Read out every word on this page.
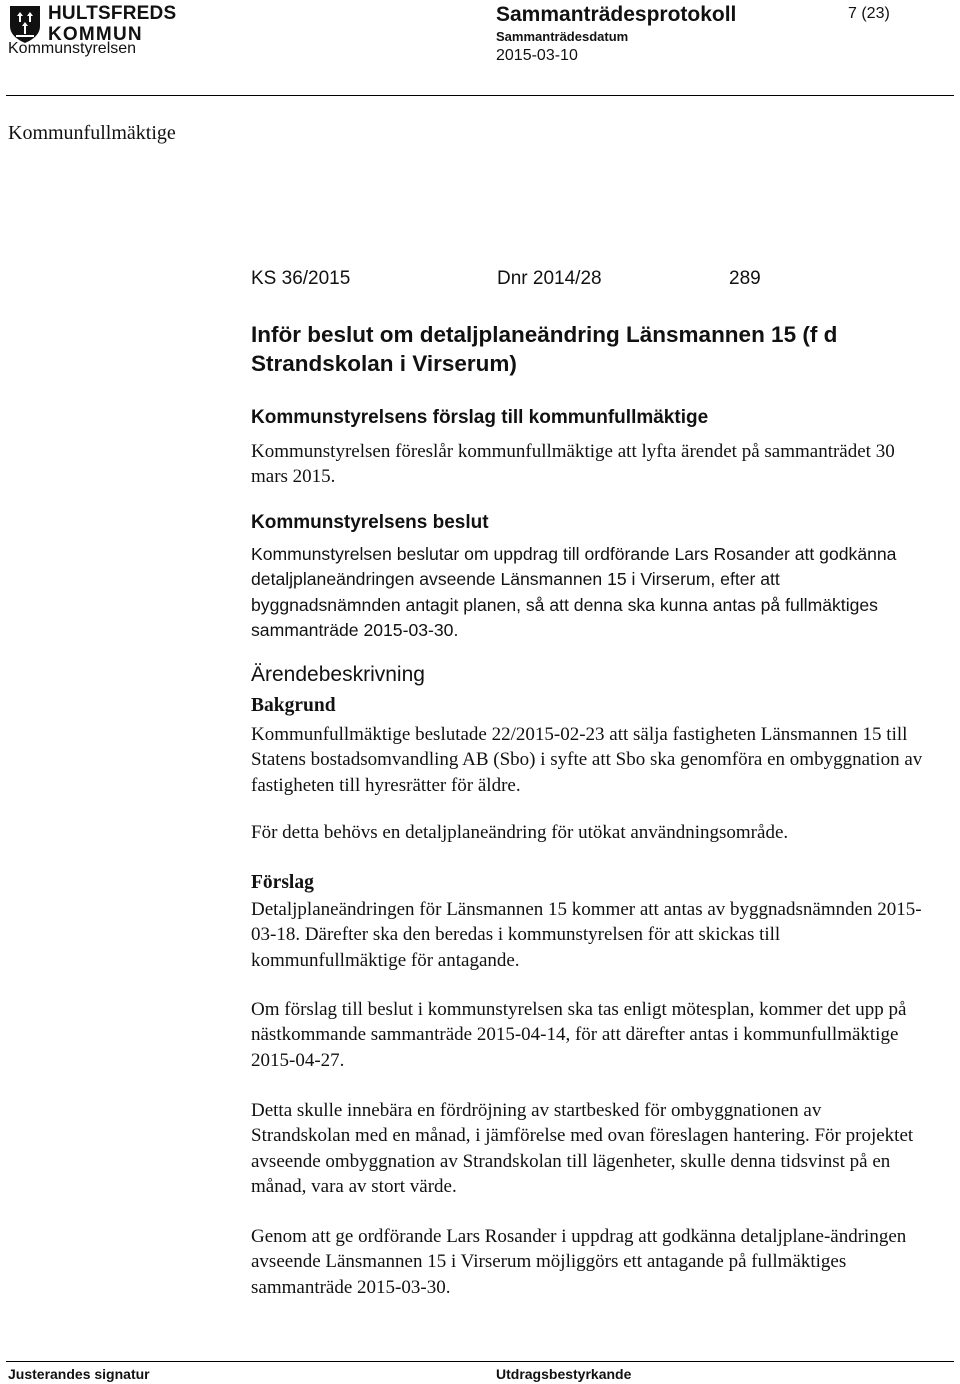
HULTSFREDS
KOMMUN
Kommunstyrelsen
Sammanträdesprotokoll
Sammanträdesdatum
2015-03-10
7 (23)
Kommunfullmäktige
KS 36/2015	Dnr 2014/28	289
Inför beslut om detaljplaneändring Länsmannen 15 (f d Strandskolan i Virserum)
Kommunstyrelsens förslag till kommunfullmäktige

Kommunstyrelsen föreslår kommunfullmäktige att lyfta ärendet på sammanträdet 30 mars 2015.

Kommunstyrelsens beslut

Kommunstyrelsen beslutar om uppdrag till ordförande Lars Rosander att godkänna detaljplaneändringen avseende Länsmannen 15 i Virserum, efter att byggnadsnämnden antagit planen, så att denna ska kunna antas på fullmäktiges sammanträde 2015-03-30.

Ärendebeskrivning
Bakgrund

Kommunfullmäktige beslutade 22/2015-02-23 att sälja fastigheten Länsmannen 15 till Statens bostadsomvandling AB (Sbo) i syfte att Sbo ska genomföra en ombyggnation av fastigheten till hyresrätter för äldre.

För detta behövs en detaljplaneändring för utökat användningsområde.

Förslag

Detaljplaneändringen för Länsmannen 15 kommer att antas av byggnadsnämnden 2015-03-18. Därefter ska den beredas i kommunstyrelsen för att skickas till kommunfullmäktige för antagande.

Om förslag till beslut i kommunstyrelsen ska tas enligt mötesplan, kommer det upp på nästkommande sammanträde 2015-04-14, för att därefter antas i kommunfullmäktige 2015-04-27.

Detta skulle innebära en fördröjning av startbesked för ombyggnationen av Strandskolan med en månad, i jämförelse med ovan föreslagen hantering. För projektet avseende ombyggnation av Strandskolan till lägenheter, skulle denna tidsvinst på en månad, vara av stort värde.

Genom att ge ordförande Lars Rosander i uppdrag att godkänna detaljplane-ändringen avseende Länsmannen 15 i Virserum möjliggörs ett antagande på fullmäktiges sammanträde 2015-03-30.

Justerandes signatur	Utdragsbestyrkande
